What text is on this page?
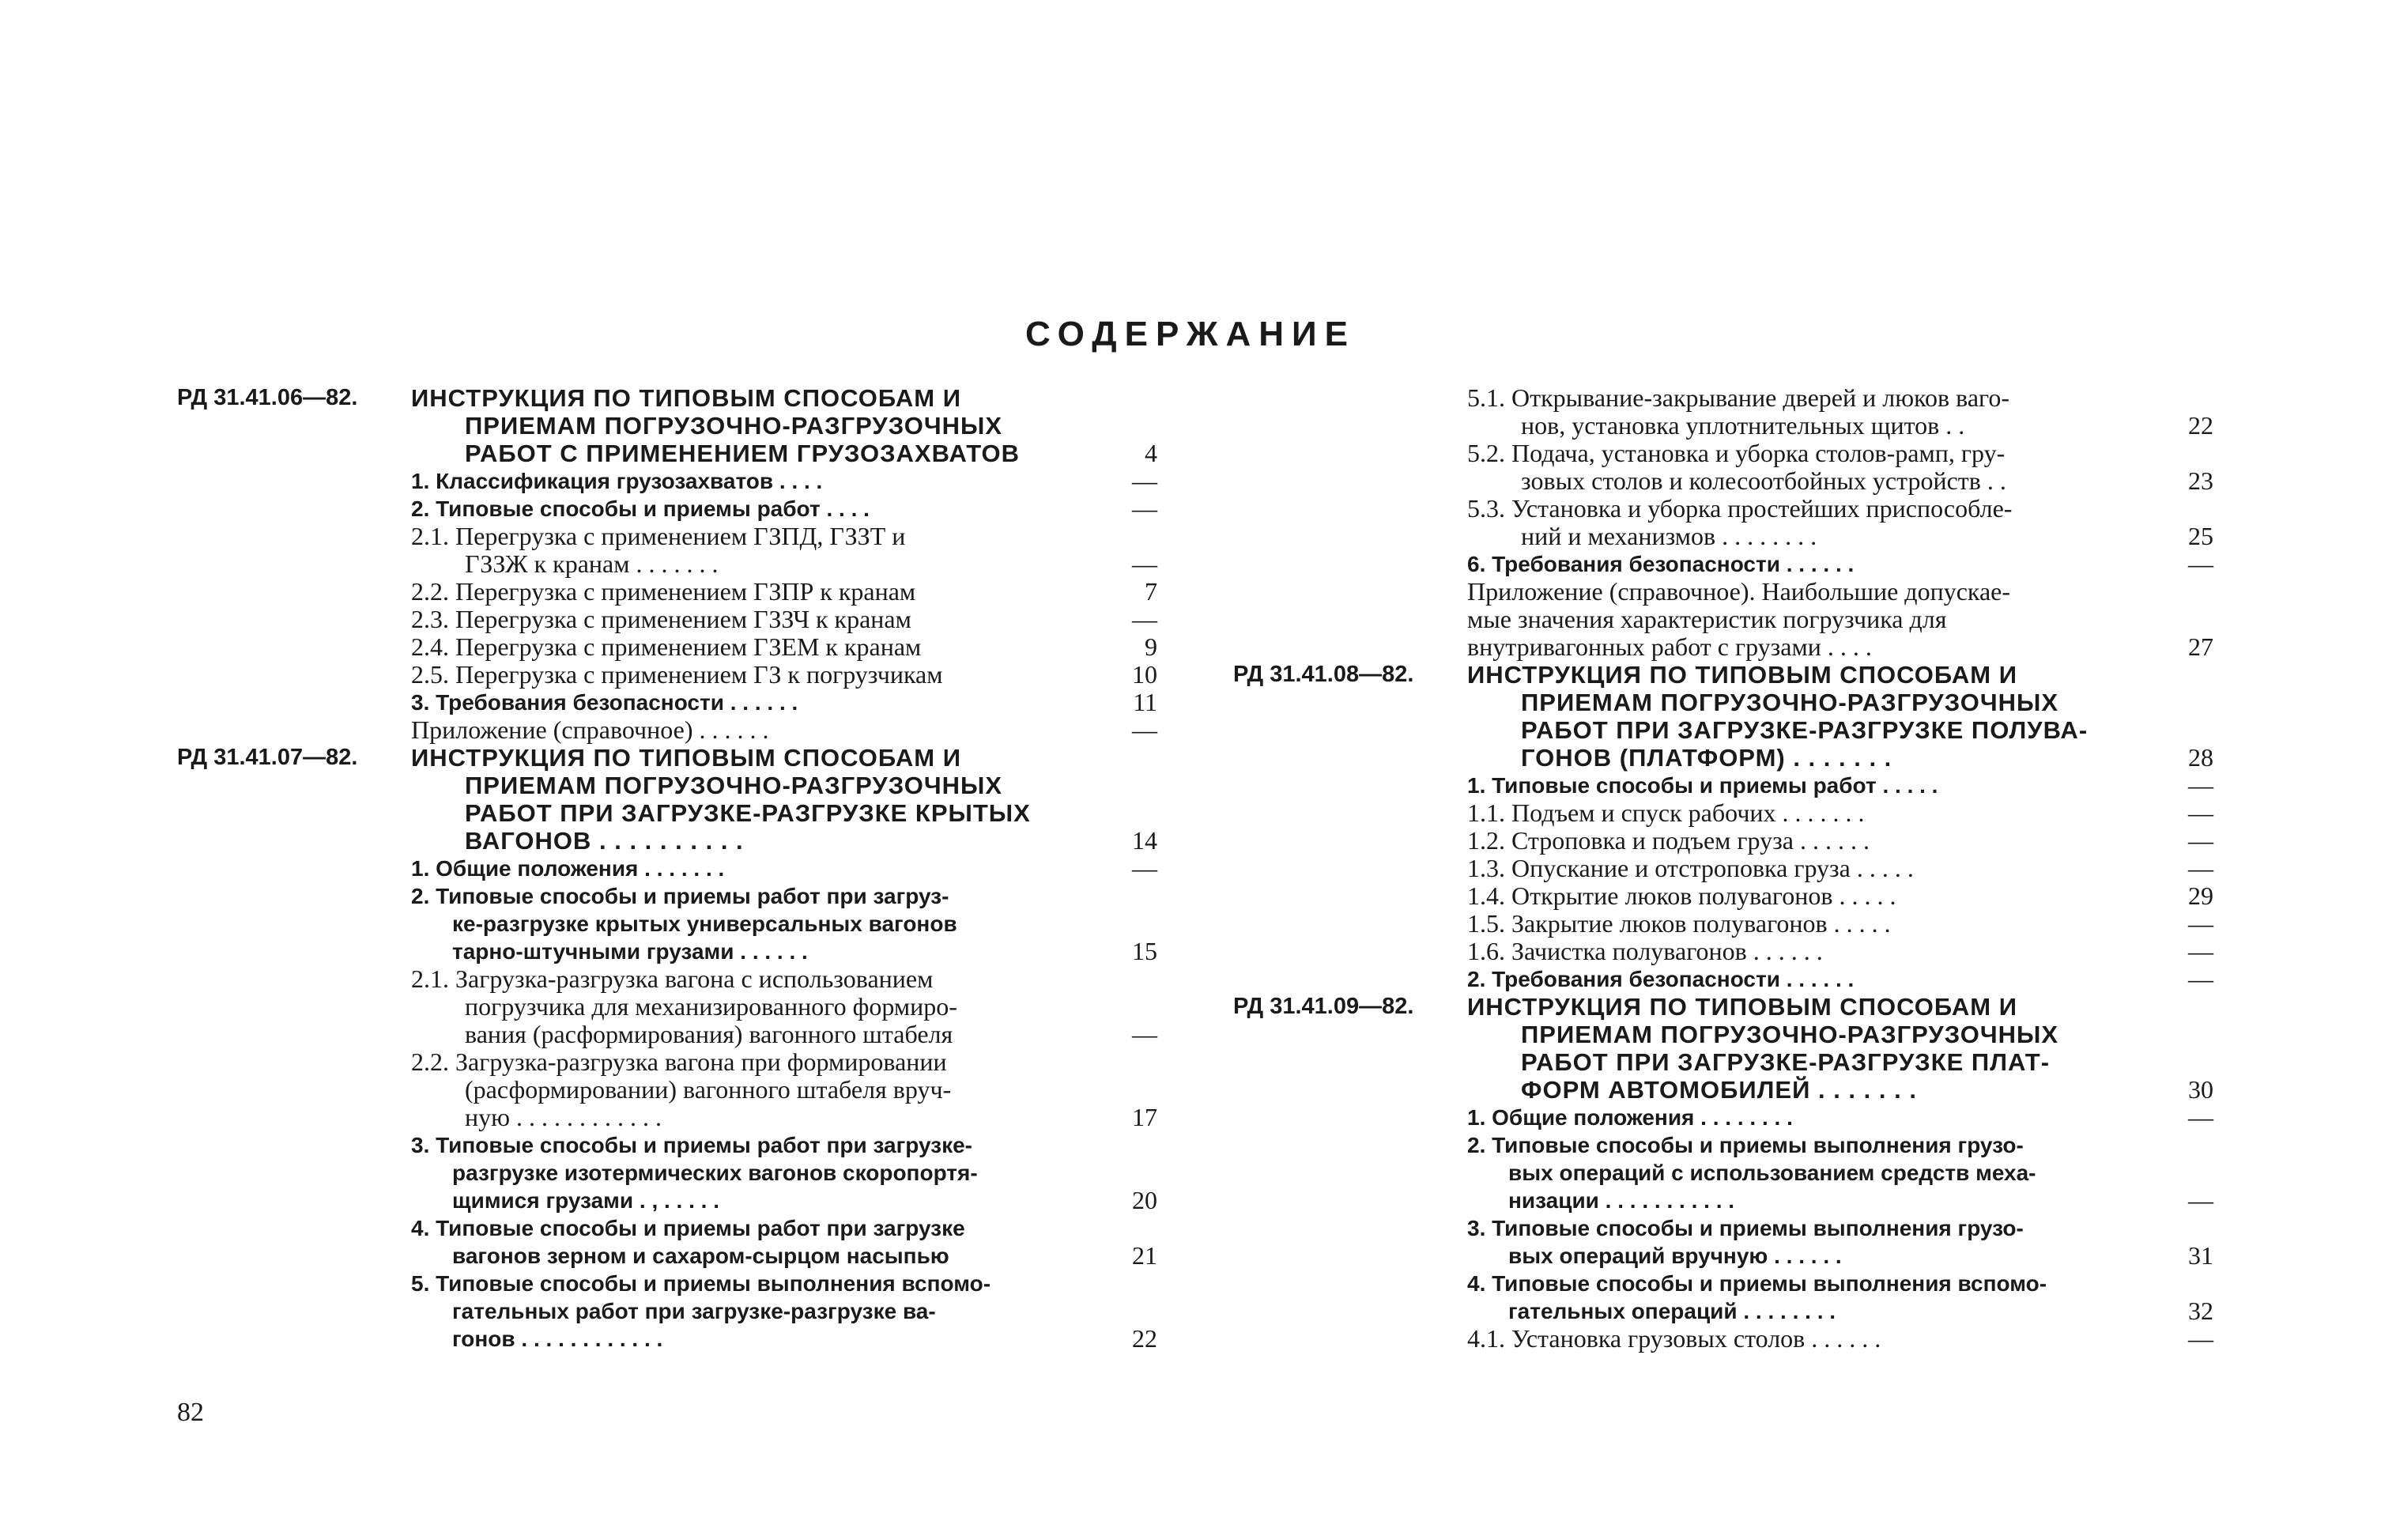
СОДЕРЖАНИЕ
РД 31.41.06—82. ИНСТРУКЦИЯ ПО ТИПОВЫМ СПОСОБАМ И
ПРИЕМАМ ПОГРУЗОЧНО-РАЗГРУЗОЧНЫХ
РАБОТ С ПРИМЕНЕНИЕМ ГРУЗОЗАХВАТОВ	4
1. Классификация грузозахватов . . . .	—
2. Типовые способы и приемы работ . . . .	—
2.1. Перегрузка с применением ГЗПД, ГЗЗТ и
ГЗЗЖ к кранам . . . . . . .	—
2.2. Перегрузка с применением ГЗПР к кранам	7
2.3. Перегрузка с применением ГЗЗЧ к кранам	—
2.4. Перегрузка с применением ГЗЕМ к кранам	9
2.5. Перегрузка с применением ГЗ к погрузчикам	10
3. Требования безопасности . . . . . .	11
Приложение (справочное) . . . . . .	—
РД 31.41.07—82. ИНСТРУКЦИЯ ПО ТИПОВЫМ СПОСОБАМ И
ПРИЕМАМ ПОГРУЗОЧНО-РАЗГРУЗОЧНЫХ
РАБОТ ПРИ ЗАГРУЗКЕ-РАЗГРУЗКЕ КРЫТЫХ
ВАГОНОВ . . . . . . . . . .	14
1. Общие положения . . . . . . .	—
2. Типовые способы и приемы работ при загруз-
ке-разгрузке крытых универсальных вагонов
тарно-штучными грузами . . . . . .	15
2.1. Загрузка-разгрузка вагона с использованием
погрузчика для механизированного формиро-
вания (расформирования) вагонного штабеля	—
2.2. Загрузка-разгрузка вагона при формировании
(расформировании) вагонного штабеля вруч-
ную . . . . . . . . . . . .	17
3. Типовые способы и приемы работ при загрузке-
разгрузке изотермических вагонов скоропортя-
щимися грузами . , . . . . .	20
4. Типовые способы и приемы работ при загрузке
вагонов зерном и сахаром-сырцом насыпью	21
5. Типовые способы и приемы выполнения вспомо-
гательных работ при загрузке-разгрузке ва-
гонов . . . . . . . . . . . .	22
5.1. Открывание-закрывание дверей и люков ваго-
нов, установка уплотнительных щитов . .	22
5.2. Подача, установка и уборка столов-рамп, гру-
зовых столов и колесоотбойных устройств . .	23
5.3. Установка и уборка простейших приспособле-
ний и механизмов . . . . . . . .	25
6. Требования безопасности . . . . . .	—
Приложение (справочное). Наибольшие допускае-
мые значения характеристик погрузчика для
внутривагонных работ с грузами . . . .	27
РД 31.41.08—82. ИНСТРУКЦИЯ ПО ТИПОВЫМ СПОСОБАМ И
ПРИЕМАМ ПОГРУЗОЧНО-РАЗГРУЗОЧНЫХ
РАБОТ ПРИ ЗАГРУЗКЕ-РАЗГРУЗКЕ ПОЛУВА-
ГОНОВ (ПЛАТФОРМ) . . . . . . .	28
1. Типовые способы и приемы работ . . . . .	—
1.1. Подъем и спуск рабочих . . . . . . .	—
1.2. Строповка и подъем груза . . . . . .	—
1.3. Опускание и отстроповка груза . . . . .	—
1.4. Открытие люков полувагонов . . . . .	29
1.5. Закрытие люков полувагонов . . . . .	—
1.6. Зачистка полувагонов . . . . . .	—
2. Требования безопасности . . . . . .	—
РД 31.41.09—82. ИНСТРУКЦИЯ ПО ТИПОВЫМ СПОСОБАМ И
ПРИЕМАМ ПОГРУЗОЧНО-РАЗГРУЗОЧНЫХ
РАБОТ ПРИ ЗАГРУЗКЕ-РАЗГРУЗКЕ ПЛАТ-
ФОРМ АВТОМОБИЛЕЙ . . . . . . .	30
1. Общие положения . . . . . . . .	—
2. Типовые способы и приемы выполнения грузо-
вых операций с использованием средств меха-
низации . . . . . . . . . . .	—
3. Типовые способы и приемы выполнения грузо-
вых операций вручную . . . . . .	31
4. Типовые способы и приемы выполнения вспомо-
гательных операций . . . . . . . .	32
4.1. Установка грузовых столов . . . . . .	—
82
